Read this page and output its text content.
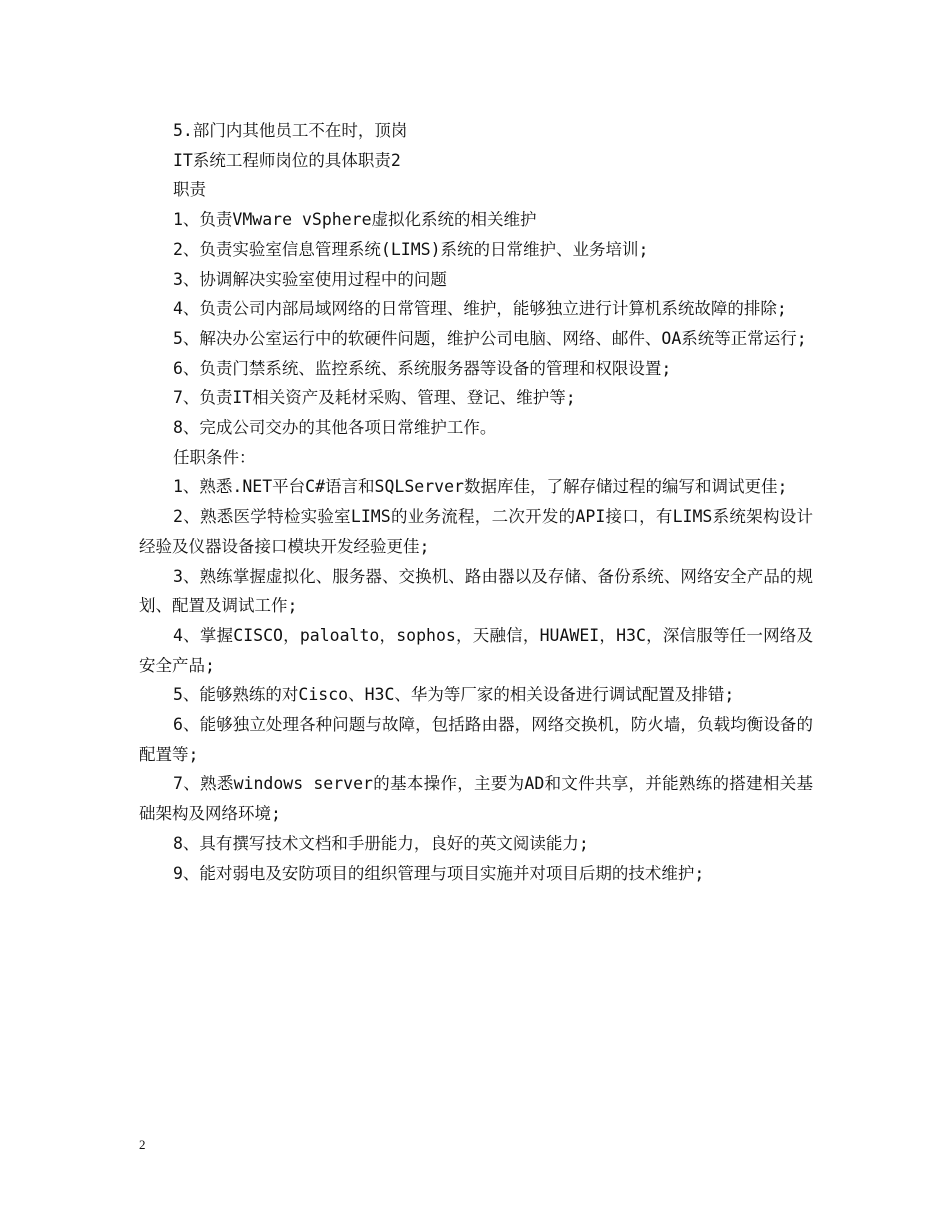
5.部门内其他员工不在时，顶岗

IT系统工程师岗位的具体职责2

职责

1、负责VMware vSphere虚拟化系统的相关维护

2、负责实验室信息管理系统(LIMS)系统的日常维护、业务培训;

3、协调解决实验室使用过程中的问题

4、负责公司内部局域网络的日常管理、维护，能够独立进行计算机系统故障的排除;

5、解决办公室运行中的软硬件问题，维护公司电脑、网络、邮件、OA系统等正常运行;

6、负责门禁系统、监控系统、系统服务器等设备的管理和权限设置;

7、负责IT相关资产及耗材采购、管理、登记、维护等;

8、完成公司交办的其他各项日常维护工作。

任职条件：

1、熟悉.NET平台C#语言和SQLServer数据库佳，了解存储过程的编写和调试更佳;

2、熟悉医学特检实验室LIMS的业务流程，二次开发的API接口，有LIMS系统架构设计经验及仪器设备接口模块开发经验更佳;

3、熟练掌握虚拟化、服务器、交换机、路由器以及存储、备份系统、网络安全产品的规划、配置及调试工作;

4、掌握CISCO，paloalto，sophos，天融信，HUAWEI，H3C，深信服等任一网络及安全产品;

5、能够熟练的对Cisco、H3C、华为等厂家的相关设备进行调试配置及排错;

6、能够独立处理各种问题与故障，包括路由器，网络交换机，防火墙，负载均衡设备的配置等;

7、熟悉windows server的基本操作，主要为AD和文件共享，并能熟练的搭建相关基础架构及网络环境;

8、具有撰写技术文档和手册能力，良好的英文阅读能力;

9、能对弱电及安防项目的组织管理与项目实施并对项目后期的技术维护;

2
